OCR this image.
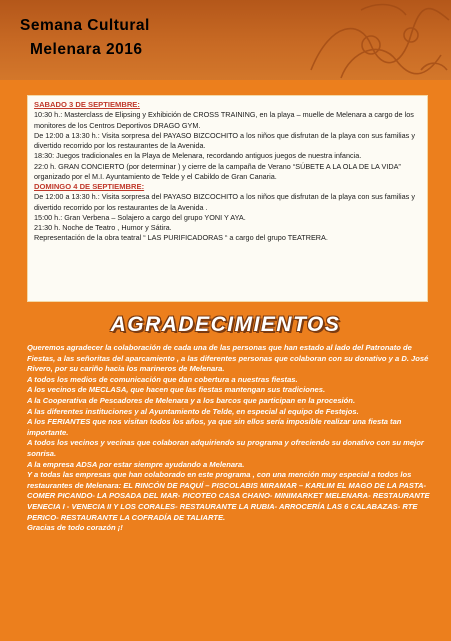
Semana Cultural
Melenara 2016
SABADO 3 DE SEPTIEMBRE:

10:30 h.: Masterclass de Elipsing y Exhibición de CROSS TRAINING, en la playa – muelle de Melenara a cargo de los monitores de los Centros Deportivos DRAGO GYM.

De 12:00 a 13:30 h.: Visita sorpresa del PAYASO BIZCOCHITO a los niños que disfrutan de la playa con sus familias y divertido recorrido por los restaurantes de la Avenida.

18:30: Juegos tradicionales en la Playa de Melenara, recordando antiguos juegos de nuestra infancia.

22:0 h. GRAN CONCIERTO (por determinar ) y cierre de la campaña de Verano “SÚBETE A LA OLA DE LA VIDA” organizado por el M.I. Ayuntamiento de Telde y el Cabildo de Gran Canaria.

DOMINGO 4 DE SEPTIEMBRE:

De 12:00 a 13:30 h.: Visita sorpresa del PAYASO BIZCOCHITO a los niños que disfrutan de la playa con sus familias y divertido recorrido por los restaurantes de la Avenida .

15:00 h.: Gran Verbena – Solajero a cargo del grupo YONI Y AYA.

21:30 h. Noche de Teatro , Humor y Sátira.

Representación de la obra teatral “ LAS PURIFICADORAS “ a cargo del grupo TEATRERA.

AGRADECIMIENTOS

Queremos agradecer la colaboración de cada una de las personas que han estado al lado del Patronato de Fiestas, a las señoritas del aparcamiento , a las diferentes personas que colaboran con su donativo y a D. José Rivero, por su cariño hacia los marineros de Melenara.

A todos los medios de comunicación que dan cobertura a nuestras fiestas.

A los vecinos de MECLASA, que hacen que las fiestas mantengan sus tradiciones.

A la Cooperativa de Pescadores de Melenara y a los barcos que participan en la procesión.

A las diferentes instituciones y al Ayuntamiento de Telde, en especial al equipo de Festejos.

A los FERIANTES que nos visitan todos los años, ya que sin ellos sería imposible realizar una fiesta tan importante.

A todos los vecinos y vecinas que colaboran adquiriendo su programa y ofreciendo su donativo con su mejor sonrisa.

A la empresa ADSA por estar siempre ayudando a Melenara.

Y a todas las empresas que han colaborado en este programa , con una mención muy especial a todos los restaurantes de Melenara: EL RINCÓN DE PAQUÍ – PISCOLABIS MIRAMAR – KARLIM EL MAGO DE LA PASTA- COMER PICANDO- LA POSADA DEL MAR- PICOTEO CASA CHANO- MINIMARKET MELENARA- RESTAURANTE VENECIA I - VENECIA II Y LOS CORALES- RESTAURANTE LA RUBIA- ARROCERÍA LAS 6 CALABAZAS- RTE PERICO- RESTAURANTE LA COFRADÍA DE TALIARTE.

Gracias de todo corazón ¡!
